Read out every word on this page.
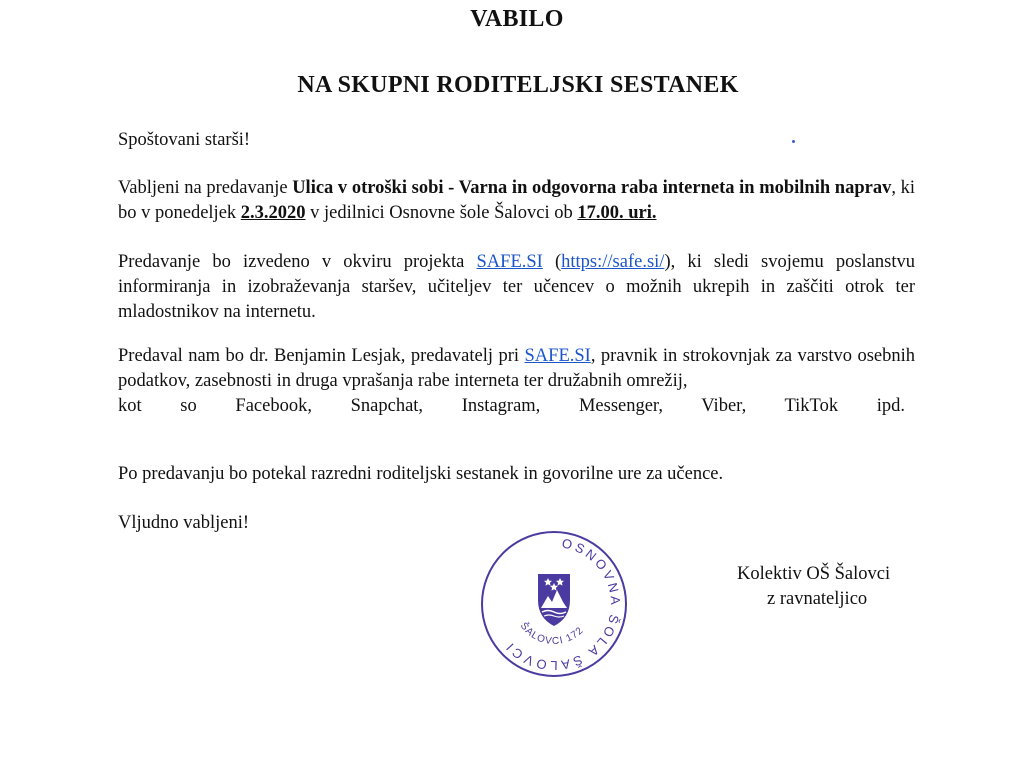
VABILO
NA SKUPNI RODITELJSKI SESTANEK
Spoštovani starši!
Vabljeni na predavanje Ulica v otroški sobi - Varna in odgovorna raba interneta in mobilnih naprav, ki bo v ponedeljek 2.3.2020 v jedilnici Osnovne šole Šalovci ob 17.00. uri.
Predavanje bo izvedeno v okviru projekta SAFE.SI (https://safe.si/), ki sledi svojemu poslanstvu informiranja in izobraževanja staršev, učiteljev ter učencev o možnih ukrepih in zaščiti otrok ter mladostnikov na internetu.
Predaval nam bo dr. Benjamin Lesjak, predavatelj pri SAFE.SI, pravnik in strokovnjak za varstvo osebnih podatkov, zasebnosti in druga vprašanja rabe interneta ter družabnih omrežij,
kot so Facebook, Snapchat, Instagram, Messenger, Viber, TikTok ipd.
Po predavanju bo potekal razredni roditeljski sestanek in govorilne ure za učence.
Vljudno vabljeni!
Kolektiv OŠ Šalovci
z ravnateljico
OSNOVNA ŠOLA ŠALOVCI
ŠALOVCI 172
